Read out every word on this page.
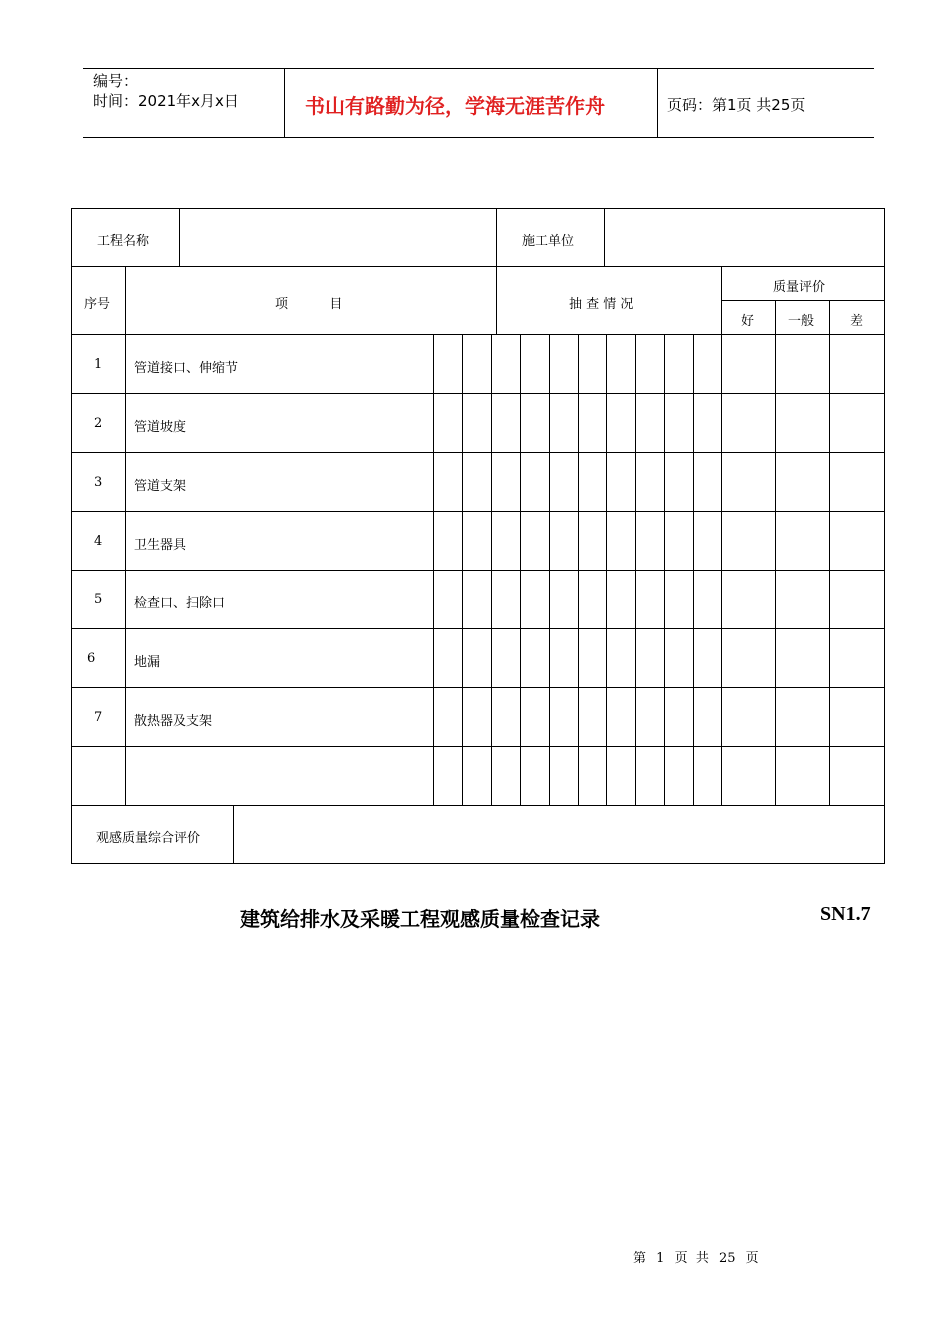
编号：
时间：2021年x月x日	书山有路勤为径，学海无涯苦作舟	页码：第1页 共25页
工程名称	施工单位
序号	项          目	抽 查 情 况
质量评价
好	一般	差
1 管道接口、伸缩节
2 管道坡度
3 管道支架
4 卫生器具
5 检查口、扫除口
6	地漏
7 散热器及支架
观感质量综合评价
建筑给排水及采暖工程观感质量检查记录	SN1.7
第 1 页  共 25 页
